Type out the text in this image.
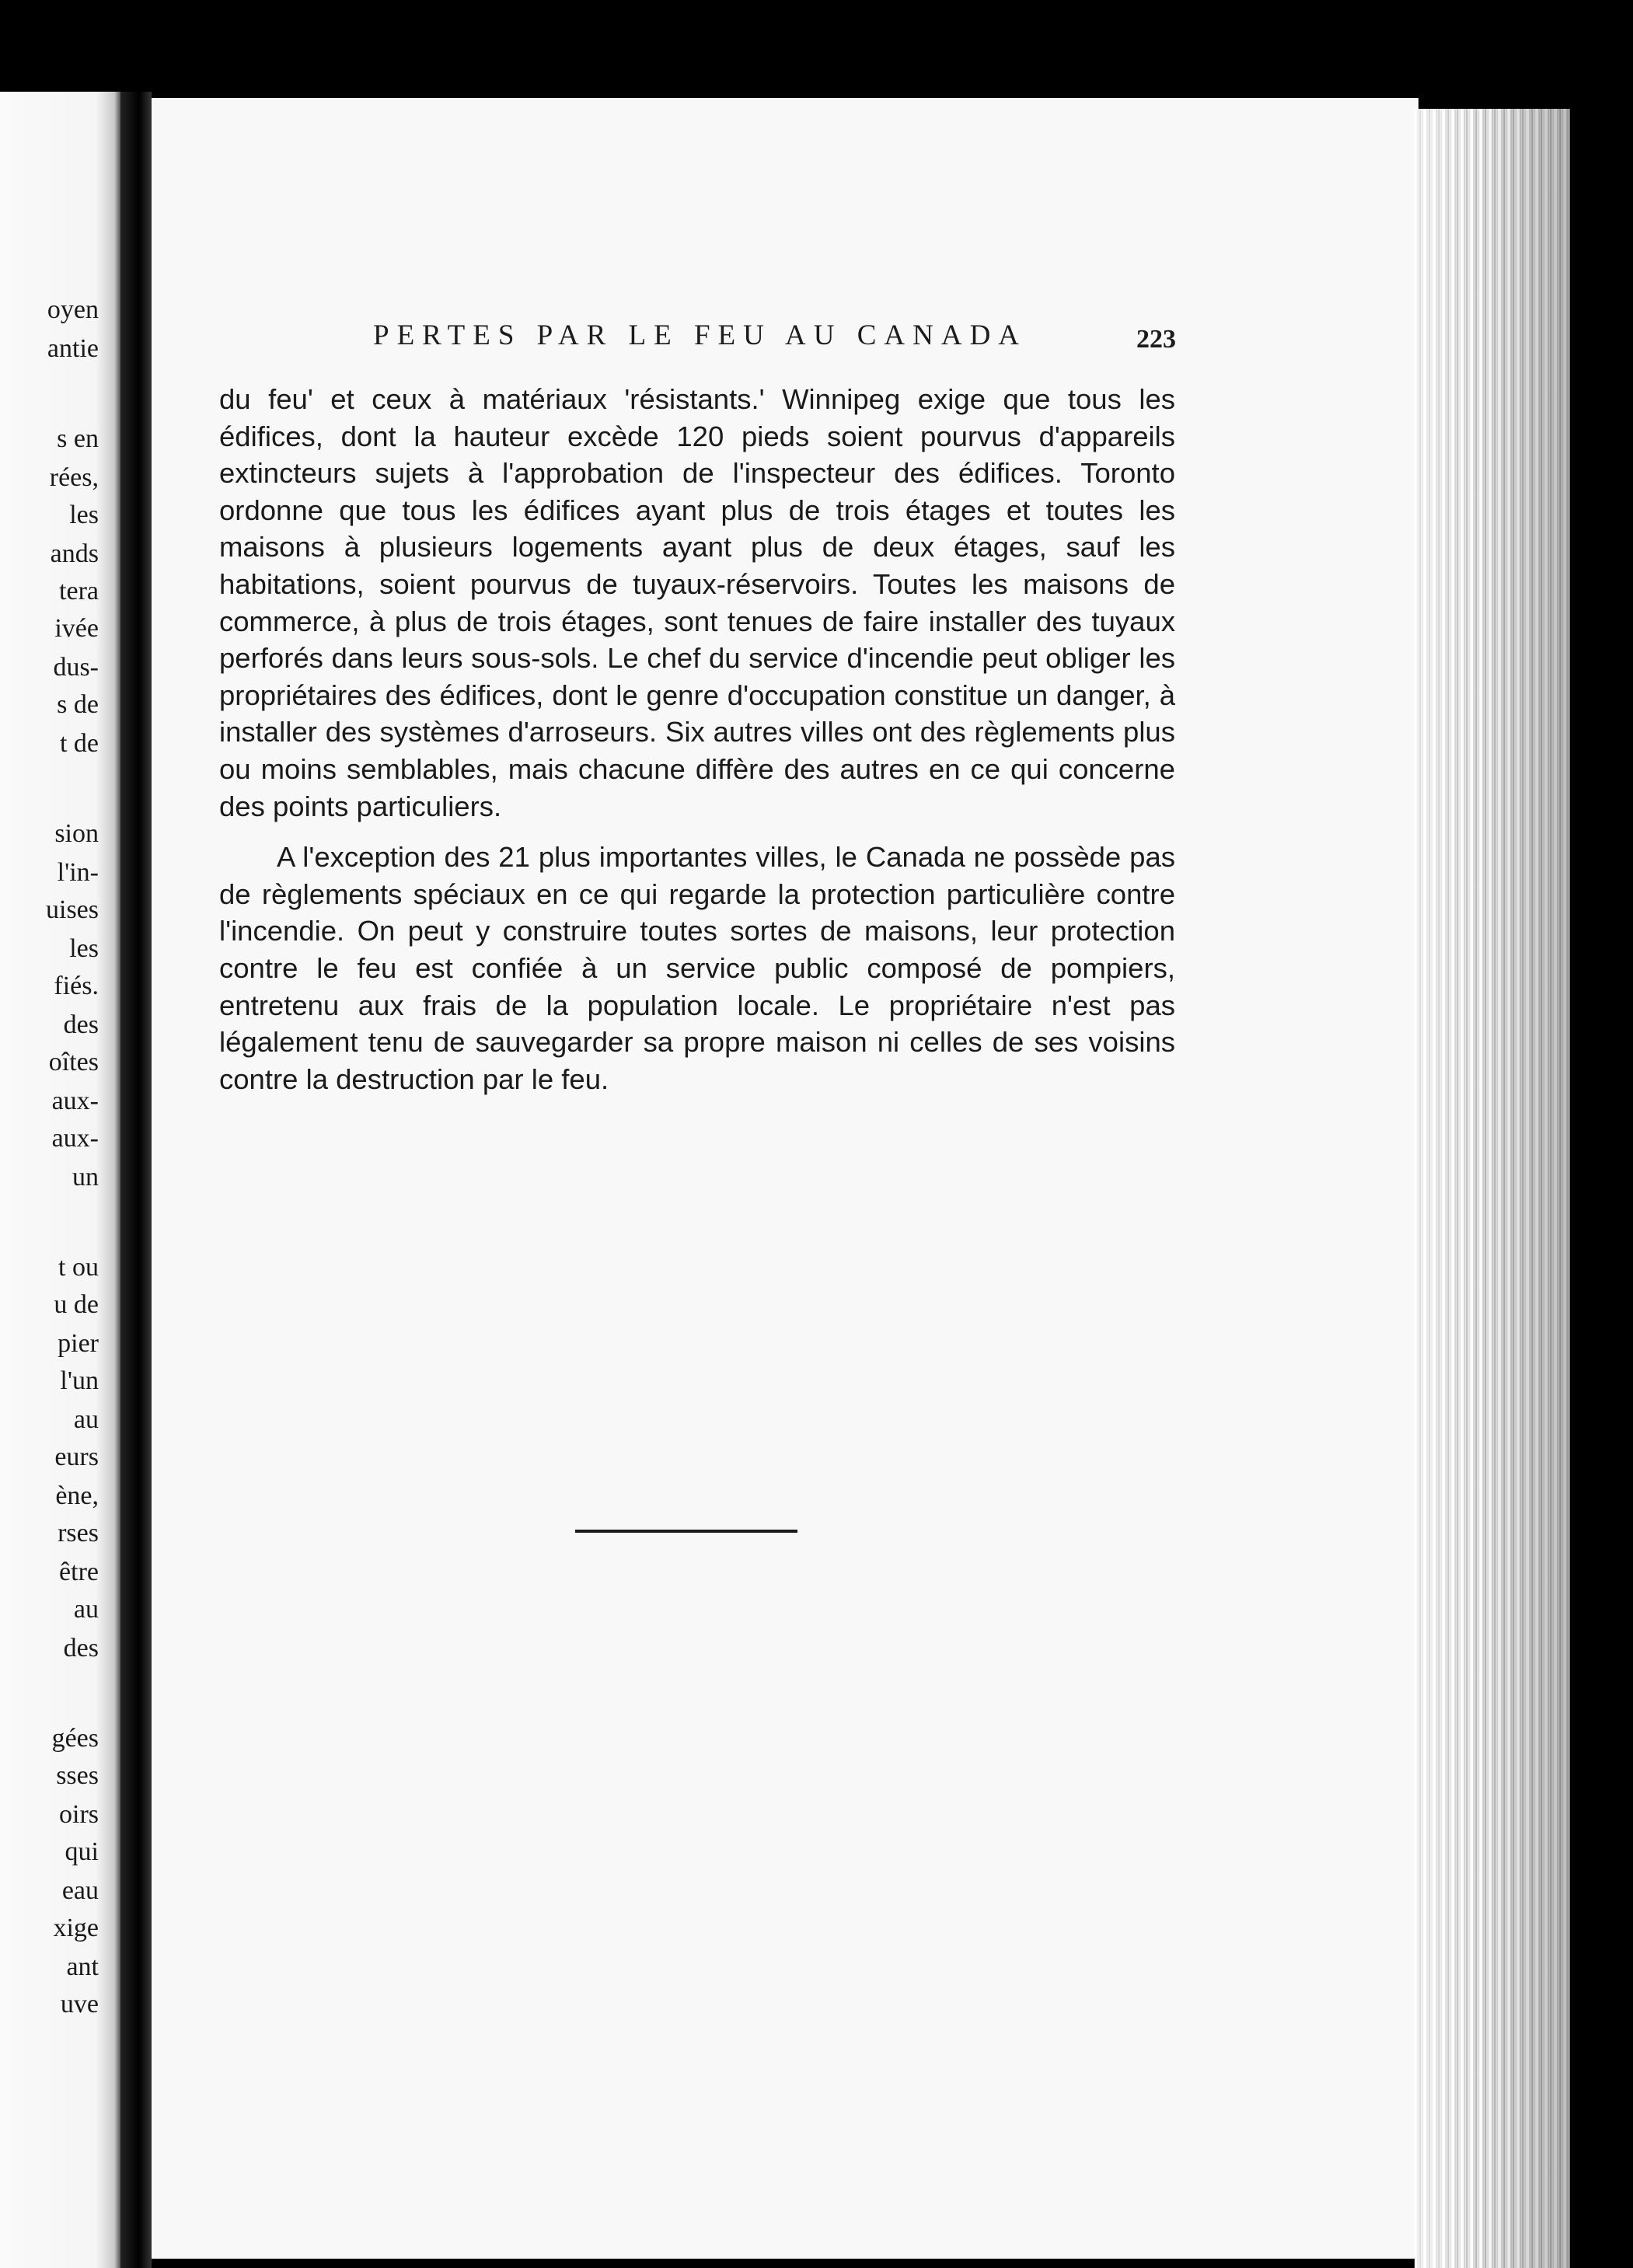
oyen
antie
s en
rées,
les
ands
tera
ivée
dus-
s de
t de
sion
l'in-
uises
les
fiés.
des
oîtes
aux-
aux-
un
t ou
u de
pier
l'un
au
eurs
ène,
rses
être
au
des
gées
sses
oirs
qui
eau
xige
ant
uve
PERTES PAR LE FEU AU CANADA	223

du feu' et ceux à matériaux 'résistants.' Winnipeg exige que tous les édifices, dont la hauteur excède 120 pieds soient pourvus d'appareils extincteurs sujets à l'approbation de l'inspecteur des édifices. Toronto ordonne que tous les édifices ayant plus de trois étages et toutes les maisons à plusieurs logements ayant plus de deux étages, sauf les habitations, soient pourvus de tuyaux-réservoirs. Toutes les maisons de commerce, à plus de trois étages, sont tenues de faire installer des tuyaux perforés dans leurs sous-sols. Le chef du service d'incendie peut obliger les propriétaires des édifices, dont le genre d'occupation constitue un danger, à installer des systèmes d'arroseurs. Six autres villes ont des règlements plus ou moins semblables, mais chacune diffère des autres en ce qui concerne des points particuliers.

A l'exception des 21 plus importantes villes, le Canada ne possède pas de règlements spéciaux en ce qui regarde la protection particulière contre l'incendie. On peut y construire toutes sortes de maisons, leur protection contre le feu est confiée à un service public composé de pompiers, entretenu aux frais de la population locale. Le propriétaire n'est pas légalement tenu de sauvegarder sa propre maison ni celles de ses voisins contre la destruction par le feu.
